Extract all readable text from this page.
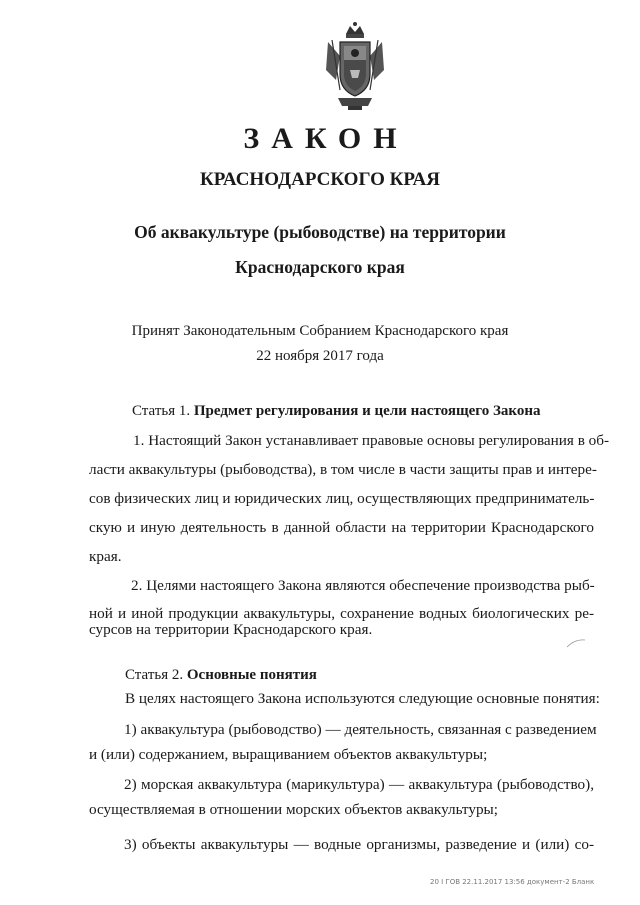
ЗАКОН
КРАСНОДАРСКОГО КРАЯ
Об аквакультуре (рыбоводстве) на территории
Краснодарского края
Принят Законодательным Собранием Краснодарского края
22 ноября 2017 года
Статья 1. Предмет регулирования и цели настоящего Закона
1. Настоящий Закон устанавливает правовые основы регулирования в об-
ласти аквакультуры (рыбоводства), в том числе в части защиты прав и интере-
сов физических лиц и юридических лиц, осуществляющих предприниматель-
скую и иную деятельность в данной области на территории Краснодарского
края.
2. Целями настоящего Закона являются обеспечение производства рыб-
ной и иной продукции аквакультуры, сохранение водных биологических ре-
сурсов на территории Краснодарского края.
Статья 2. Основные понятия
В целях настоящего Закона используются следующие основные понятия:
1) аквакультура (рыбоводство) — деятельность, связанная с разведением
и (или) содержанием, выращиванием объектов аквакультуры;
2) морская аквакультура (марикультура) — аквакультура (рыбоводство),
осуществляемая в отношении морских объектов аквакультуры;
3) объекты аквакультуры — водные организмы, разведение и (или) со-
20 I ГОВ 22.11.2017 13:56 документ-2 Бланк
